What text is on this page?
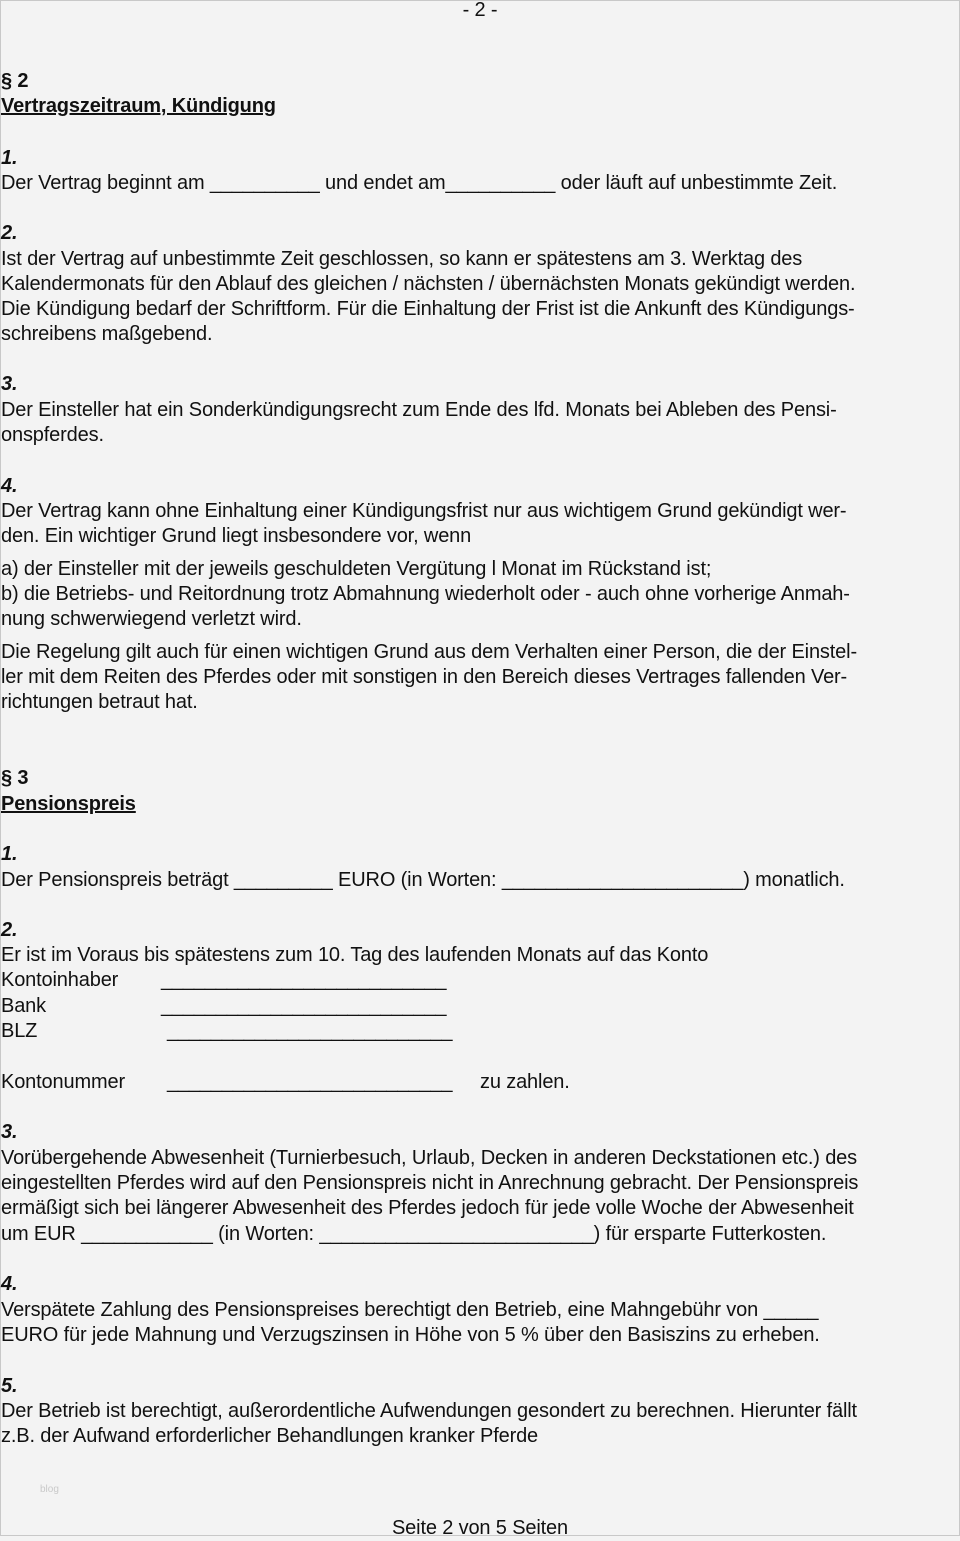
- 2 -
§ 2
Vertragszeitraum, Kündigung
1.
Der Vertrag beginnt am __________ und endet am__________ oder läuft auf unbestimmte Zeit.
2.
Ist der Vertrag auf unbestimmte Zeit geschlossen, so kann er spätestens am 3. Werktag des
Kalendermonats für den Ablauf des gleichen / nächsten / übernächsten Monats gekündigt werden.
Die Kündigung bedarf der Schriftform. Für die Einhaltung der Frist ist die Ankunft des Kündigungs-
schreibens maßgebend.
3.
Der Einsteller hat ein Sonderkündigungsrecht zum Ende des lfd. Monats bei Ableben des Pensi-
onspferdes.
4.
Der Vertrag kann ohne Einhaltung einer Kündigungsfrist nur aus wichtigem Grund gekündigt wer-
den. Ein wichtiger Grund liegt insbesondere vor, wenn
a) der Einsteller mit der jeweils geschuldeten Vergütung l Monat im Rückstand ist;
b) die Betriebs- und Reitordnung trotz Abmahnung wiederholt oder - auch ohne vorherige Anmah-
nung schwerwiegend verletzt wird.
Die Regelung gilt auch für einen wichtigen Grund aus dem Verhalten einer Person, die der Einstel-
ler mit dem Reiten des Pferdes oder mit sonstigen in den Bereich dieses Vertrages fallenden Ver-
richtungen betraut hat.
§ 3
Pensionspreis
1.
Der Pensionspreis beträgt _________ EURO (in Worten: ______________________) monatlich.
2.
Er ist im Voraus bis spätestens zum 10. Tag des laufenden Monats auf das Konto
Kontoinhaber __________________________
Bank	__________________________
BLZ	__________________________
Kontonummer __________________________ zu zahlen.
3.
Vorübergehende Abwesenheit (Turnierbesuch, Urlaub, Decken in anderen Deckstationen etc.) des
eingestellten Pferdes wird auf den Pensionspreis nicht in Anrechnung gebracht. Der Pensionspreis
ermäßigt sich bei längerer Abwesenheit des Pferdes jedoch für jede volle Woche der Abwesenheit
um EUR ____________ (in Worten: _________________________) für ersparte Futterkosten.
4.
Verspätete Zahlung des Pensionspreises berechtigt den Betrieb, eine Mahngebühr von _____
EURO für jede Mahnung und Verzugszinsen in Höhe von 5 % über den Basiszins zu erheben.
5.
Der Betrieb ist berechtigt, außerordentliche Aufwendungen gesondert zu berechnen. Hierunter fällt
z.B. der Aufwand erforderlicher Behandlungen kranker Pferde
blog
Seite 2 von 5 Seiten
